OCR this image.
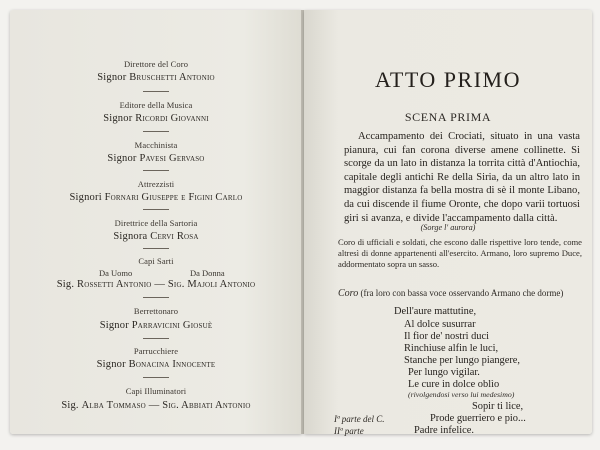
Direttore del Coro
Signor Bruschetti Antonio
Editore della Musica
Signor Ricordi Giovanni
Macchinista
Signor Pavesi Gervaso
Attrezzisti
Signori Fornari Giuseppe e Figini Carlo
Direttrice della Sartoria
Signora Cervi Rosa
Capi Sarti
Da Uomo	Da Donna
Sig. Rossetti Antonio — Sig. Majoli Antonio
Berrettonaro
Signor Parravicini Giosuè
Parrucchiere
Signor Bonacina Innocente
Capi Illuminatori
Sig. Alba Tommaso — Sig. Abbiati Antonio
ATTO PRIMO
SCENA PRIMA
Accampamento dei Crociati, situato in una vasta pianura, cui fan corona diverse amene collinette. Si scorge da un lato in distanza la torrita città d'Antiochia, capitale degli antichi Re della Siria, da un altro lato in maggior distanza fa bella mostra di sè il monte Libano, da cui discende il fiume Oronte, che dopo varii tortuosi giri si avanza, e divide l'accampamento dalla città.
(Sorge l' aurora)
Coro di ufficiali e soldati, che escono dalle rispettive loro tende, come altresì di donne appartenenti all'esercito. Armano, loro supremo Duce, addormentato sopra un sasso.
Coro (fra loro con bassa voce osservando Armano che dorme)
Dell'aure mattutine,
Al dolce susurrar
Il fior de' nostri duci
Rinchiuse alfin le luci,
Stanche per lungo piangere,
Per lungo vigilar.
Le cure in dolce oblìo
(rivolgendosi verso lui medesimo)
Sopir ti lice,
Iª parte del C.	Prode guerriero e pio...
IIª parte	Padre infelice.
